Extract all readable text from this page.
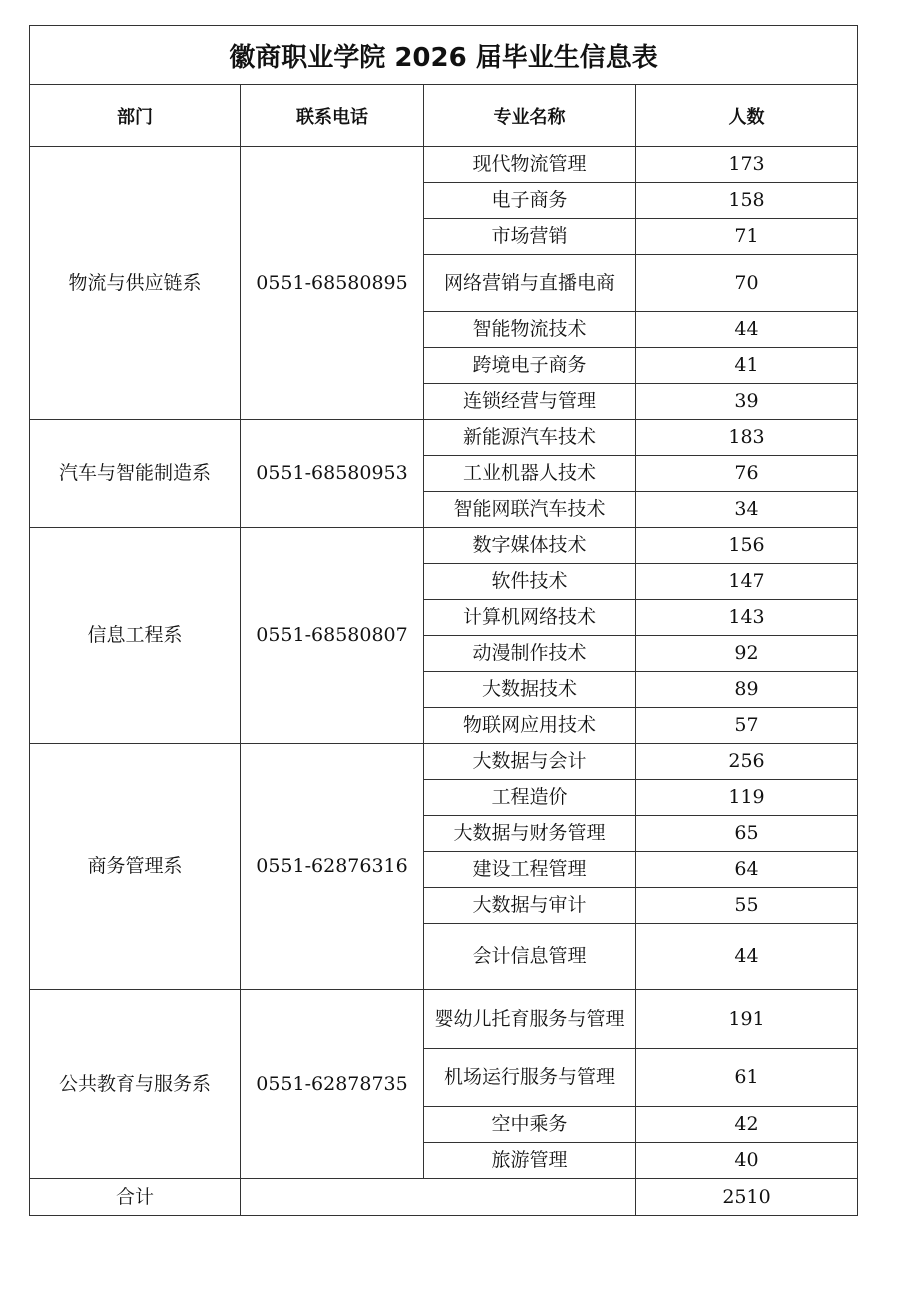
徽商职业学院 2026 届毕业生信息表			
部门	联系电话	专业名称	人数
物流与供应链系	0551-68580895	现代物流管理	173
		电子商务	158
		市场营销	71
		网络营销与直播电商	70
		智能物流技术	44
		跨境电子商务	41
		连锁经营与管理	39
汽车与智能制造系	0551-68580953	新能源汽车技术	183
		工业机器人技术	76
		智能网联汽车技术	34
信息工程系	0551-68580807	数字媒体技术	156
		软件技术	147
		计算机网络技术	143
		动漫制作技术	92
		大数据技术	89
		物联网应用技术	57
商务管理系	0551-62876316	大数据与会计	256
		工程造价	119
		大数据与财务管理	65
		建设工程管理	64
		大数据与审计	55
		会计信息管理	44
公共教育与服务系	0551-62878735	婴幼儿托育服务与管理	191
		机场运行服务与管理	61
		空中乘务	42
		旅游管理	40
合计			2510
